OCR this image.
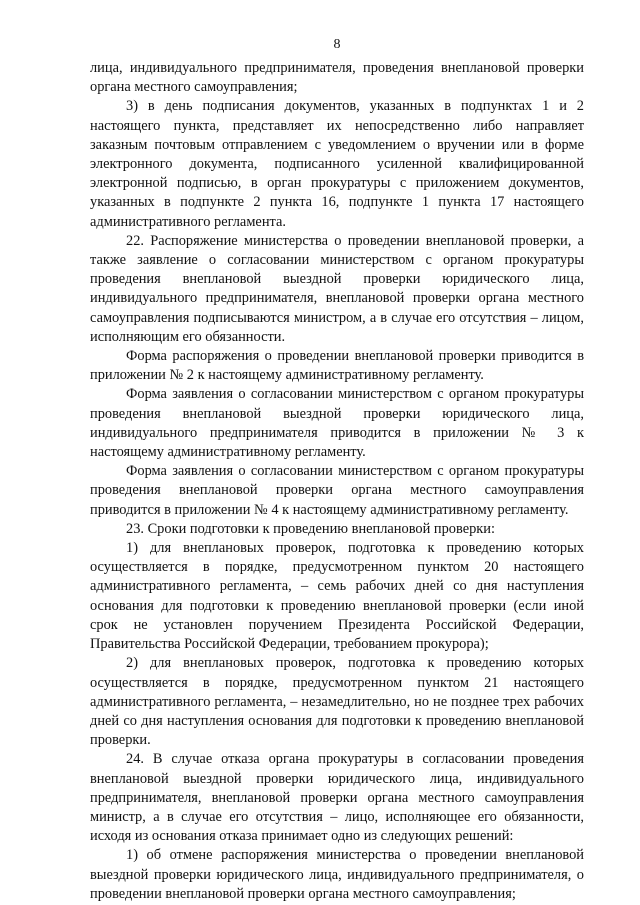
8

лица, индивидуального предпринимателя, проведения внеплановой проверки органа местного самоуправления;

3) в день подписания документов, указанных в подпунктах 1 и 2 настоящего пункта, представляет их непосредственно либо направляет заказным почтовым отправлением с уведомлением о вручении или в форме электронного документа, подписанного усиленной квалифицированной электронной подписью, в орган прокуратуры с приложением документов, указанных в подпункте 2 пункта 16, подпункте 1 пункта 17 настоящего административного регламента.

22. Распоряжение министерства о проведении внеплановой проверки, а также заявление о согласовании министерством с органом прокуратуры проведения внеплановой выездной проверки юридического лица, индивидуального предпринимателя, внеплановой проверки органа местного самоуправления подписываются министром, а в случае его отсутствия – лицом, исполняющим его обязанности.

Форма распоряжения о проведении внеплановой проверки приводится в приложении № 2 к настоящему административному регламенту.

Форма заявления о согласовании министерством с органом прокуратуры проведения внеплановой выездной проверки юридического лица, индивидуального предпринимателя приводится в приложении № 3 к настоящему административному регламенту.

Форма заявления о согласовании министерством с органом прокуратуры проведения внеплановой проверки органа местного самоуправления приводится в приложении № 4 к настоящему административному регламенту.

23. Сроки подготовки к проведению внеплановой проверки:

1) для внеплановых проверок, подготовка к проведению которых осуществляется в порядке, предусмотренном пунктом 20 настоящего административного регламента, – семь рабочих дней со дня наступления основания для подготовки к проведению внеплановой проверки (если иной срок не установлен поручением Президента Российской Федерации, Правительства Российской Федерации, требованием прокурора);

2) для внеплановых проверок, подготовка к проведению которых осуществляется в порядке, предусмотренном пунктом 21 настоящего административного регламента, – незамедлительно, но не позднее трех рабочих дней со дня наступления основания для подготовки к проведению внеплановой проверки.

24. В случае отказа органа прокуратуры в согласовании проведения внеплановой выездной проверки юридического лица, индивидуального предпринимателя, внеплановой проверки органа местного самоуправления министр, а в случае его отсутствия – лицо, исполняющее его обязанности, исходя из основания отказа принимает одно из следующих решений:

1) об отмене распоряжения министерства о проведении внеплановой выездной проверки юридического лица, индивидуального предпринимателя, о проведении внеплановой проверки органа местного самоуправления;
